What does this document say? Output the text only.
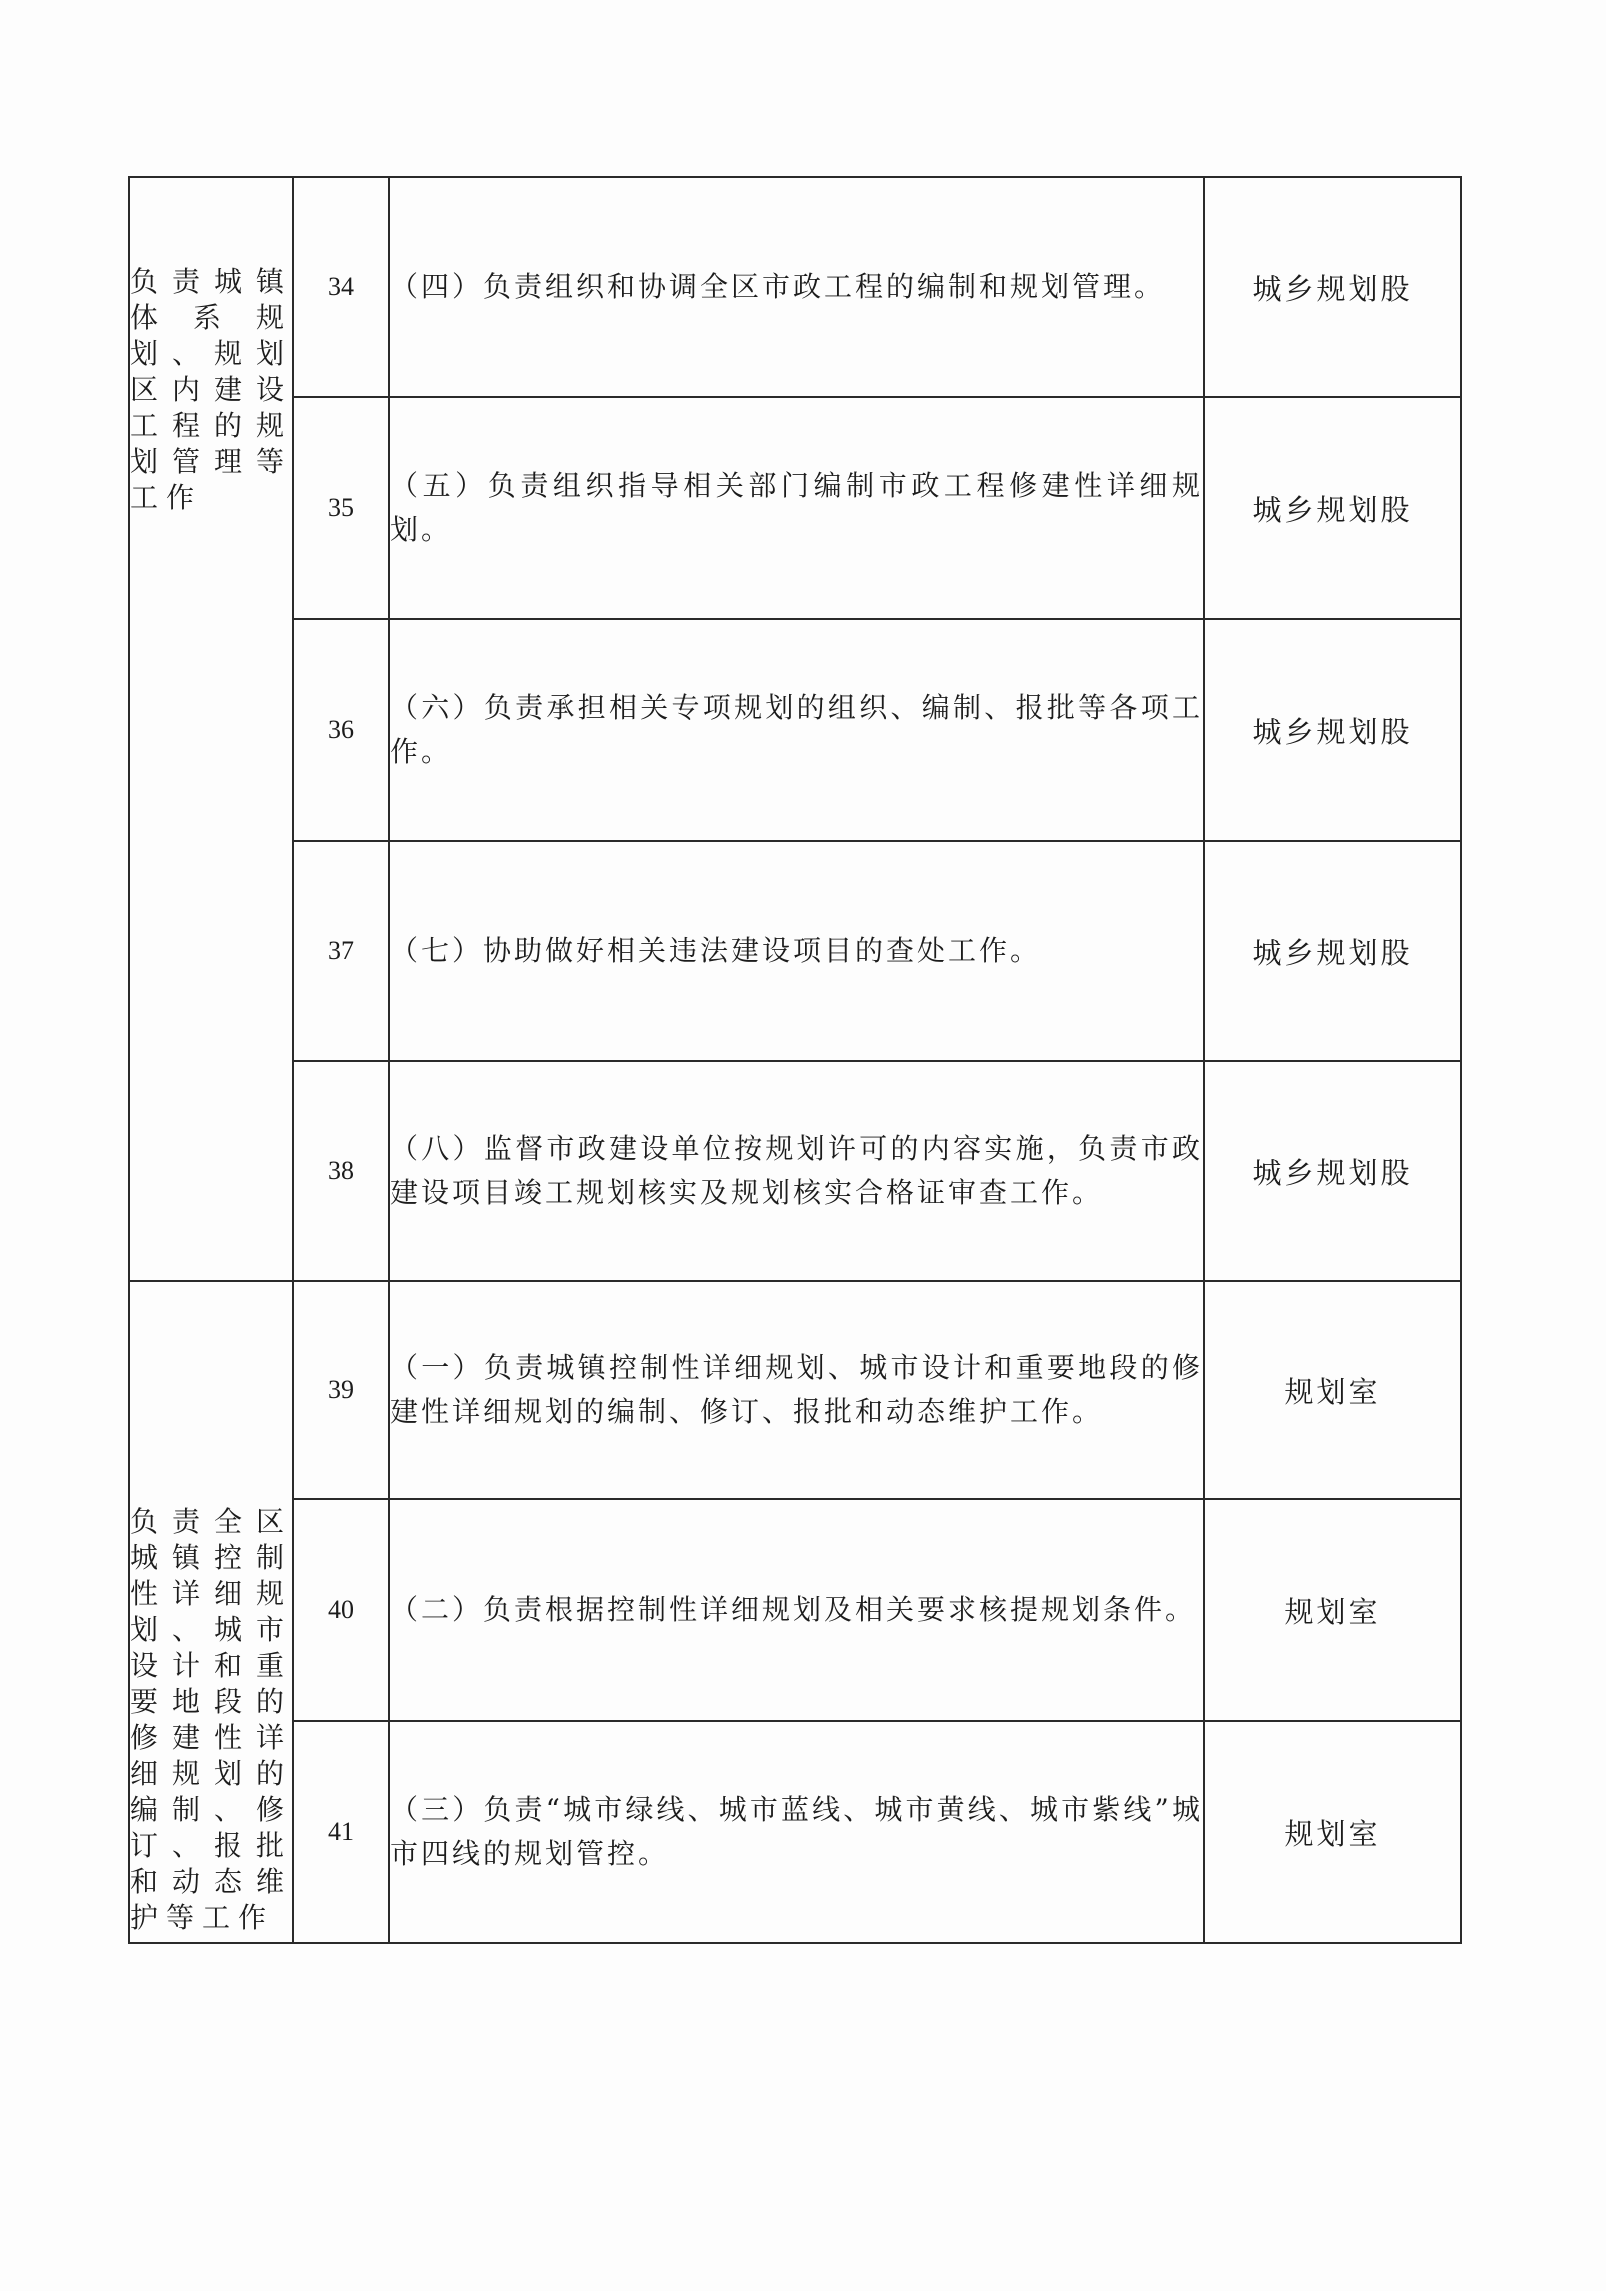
负责城镇体系规划、规划区内建设工程的规划管理等工作	34	（四）负责组织和协调全区市政工程的编制和规划管理。	城乡规划股
	35	（五）负责组织指导相关部门编制市政工程修建性详细规划。	城乡规划股
	36	（六）负责承担相关专项规划的组织、编制、报批等各项工作。	城乡规划股
	37	（七）协助做好相关违法建设项目的查处工作。	城乡规划股
	38	（八）监督市政建设单位按规划许可的内容实施，负责市政建设项目竣工规划核实及规划核实合格证审查工作。	城乡规划股

负责全区城镇控制性详细规划、城市设计和重要地段的修建性详细规划的编制、修订、报批和动态维护等工作	39	（一）负责城镇控制性详细规划、城市设计和重要地段的修建性详细规划的编制、修订、报批和动态维护工作。	规划室
	40	（二）负责根据控制性详细规划及相关要求核提规划条件。	规划室
	41	（三）负责“城市绿线、城市蓝线、城市黄线、城市紫线”城市四线的规划管控。	规划室
